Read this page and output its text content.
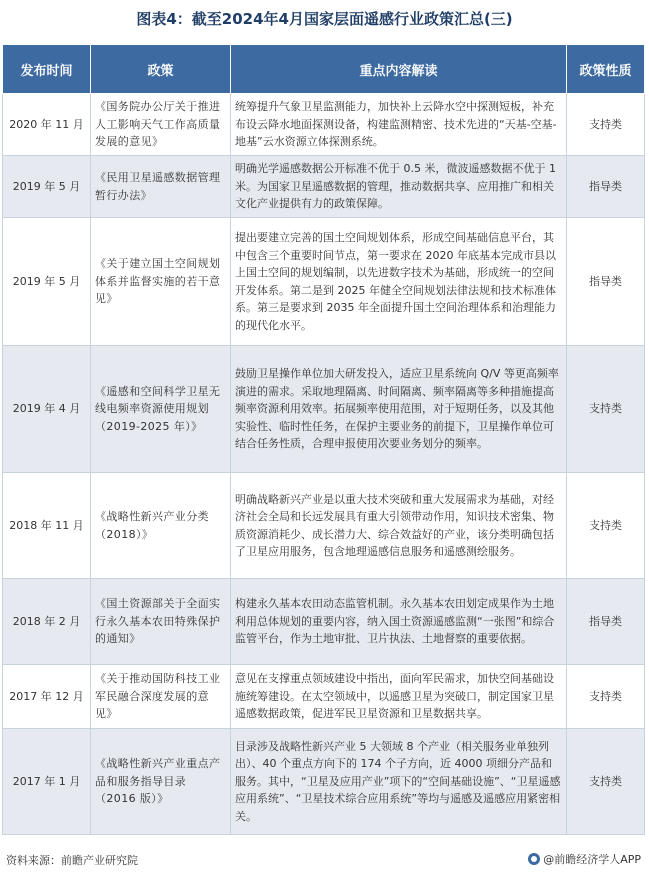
图表4：截至2024年4月国家层面遥感行业政策汇总(三)
发布时间	政策	重点内容解读	政策性质
2020 年 11 月	《国务院办公厅关于推进人工影响天气工作高质量发展的意见》	统筹提升气象卫星监测能力，加快补上云降水空中探测短板，补充布设云降水地面探测设备，构建监测精密、技术先进的“天基-空基-地基”云水资源立体探测系统。	支持类
2019 年 5 月	《民用卫星遥感数据管理暂行办法》	明确光学遥感数据公开标准不优于 0.5 米，微波遥感数据不优于 1 米。为国家卫星遥感数据的管理，推动数据共享、应用推广和相关文化产业提供有力的政策保障。	指导类
2019 年 5 月	《关于建立国土空间规划体系并监督实施的若干意见》	提出要建立完善的国土空间规划体系，形成空间基础信息平台，其中包含三个重要时间节点，第一要求在 2020 年底基本完成市县以上国土空间的规划编制，以先进数字技术为基础，形成统一的空间开发体系。第二是到 2025 年健全空间规划法律法规和技术标准体系。第三是要求到 2035 年全面提升国土空间治理体系和治理能力的现代化水平。	指导类
2019 年 4 月	《遥感和空间科学卫星无线电频率资源使用规划（2019-2025 年）》	鼓励卫星操作单位加大研发投入，适应卫星系统向 Q/V 等更高频率演进的需求。采取地理隔离、时间隔离、频率隔离等多种措施提高频率资源利用效率。拓展频率使用范围，对于短期任务，以及其他实验性、临时性任务，在保护主要业务的前提下，卫星操作单位可结合任务性质，合理申报使用次要业务划分的频率。	支持类
2018 年 11 月	《战略性新兴产业分类（2018）》	明确战略新兴产业是以重大技术突破和重大发展需求为基础，对经济社会全局和长远发展具有重大引领带动作用，知识技术密集、物质资源消耗少、成长潜力大、综合效益好的产业，该分类明确包括了卫星应用服务，包含地理遥感信息服务和遥感测绘服务。	支持类
2018 年 2 月	《国土资源部关于全面实行永久基本农田特殊保护的通知》	构建永久基本农田动态监管机制。永久基本农田划定成果作为土地利用总体规划的重要内容，纳入国土资源遥感监测“一张图”和综合监管平台，作为土地审批、卫片执法、土地督察的重要依据。	指导类
2017 年 12 月	《关于推动国防科技工业军民融合深度发展的意见》	意见在支撑重点领域建设中指出，面向军民需求，加快空间基础设施统筹建设。在太空领域中，以遥感卫星为突破口，制定国家卫星遥感数据政策，促进军民卫星资源和卫星数据共享。	支持类
2017 年 1 月	《战略性新兴产业重点产品和服务指导目录（2016 版）》	目录涉及战略性新兴产业 5 大领域 8 个产业（相关服务业单独列出）、40 个重点方向下的 174 个子方向，近 4000 项细分产品和服务。其中，“卫星及应用产业”项下的“空间基础设施”、“卫星遥感应用系统”、“卫星技术综合应用系统”等均与遥感及遥感应用紧密相关。	支持类
资料来源：前瞻产业研究院	@前瞻经济学人APP
